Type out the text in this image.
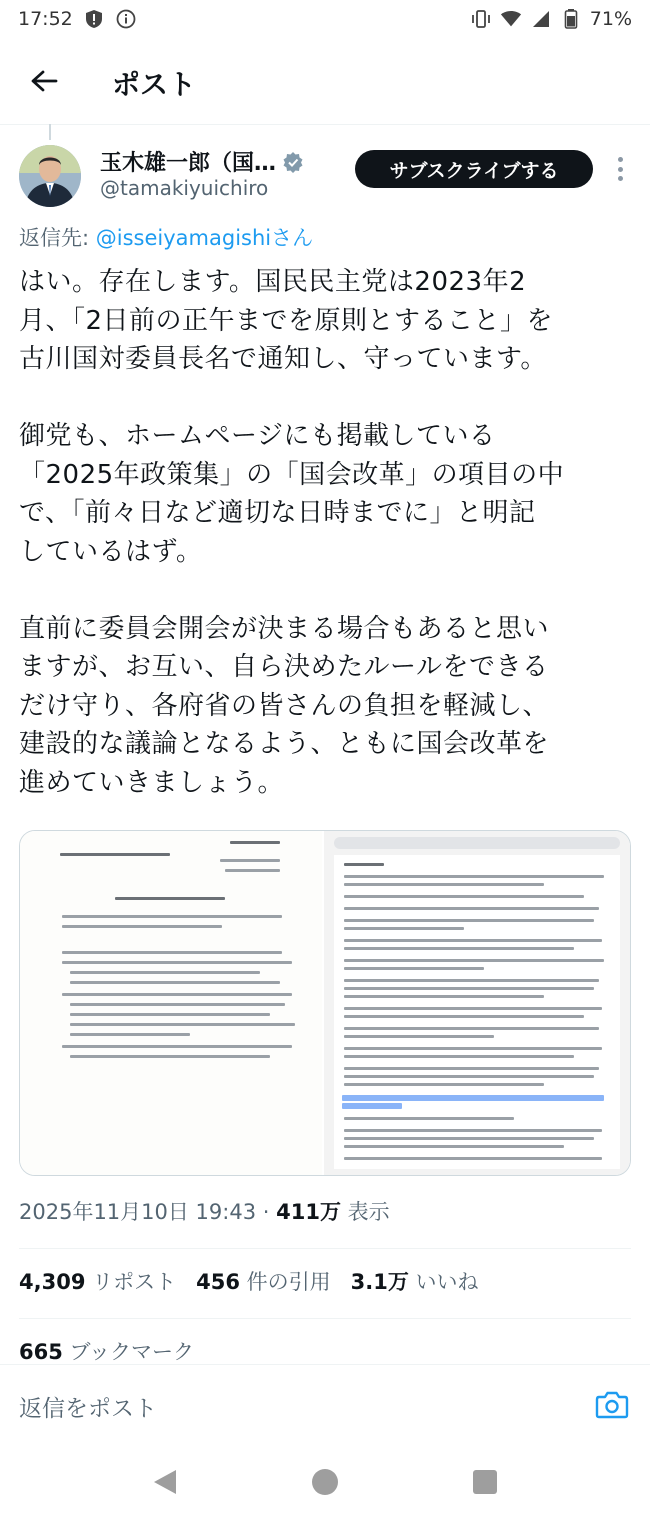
17:52	71%
ポスト
玉木雄一郎（国…
@tamakiyuichiro
サブスクライブする
返信先: @isseiyamagishiさん

はい。存在します。国民民主党は2023年2
月、「2日前の正午までを原則とすること」を
古川国対委員長名で通知し、守っています。

御党も、ホームページにも掲載している
「2025年政策集」の「国会改革」の項目の中
で、「前々日など適切な日時までに」と明記
しているはず。

直前に委員会開会が決まる場合もあると思い
ますが、お互い、自ら決めたルールをできる
だけ守り、各府省の皆さんの負担を軽減し、
建設的な議論となるよう、ともに国会改革を
進めていきましょう。

2025年11月10日 19:43 · 411万 表示
4,309 リポスト 456 件の引用 3.1万 いいね
665 ブックマーク
返信をポスト
